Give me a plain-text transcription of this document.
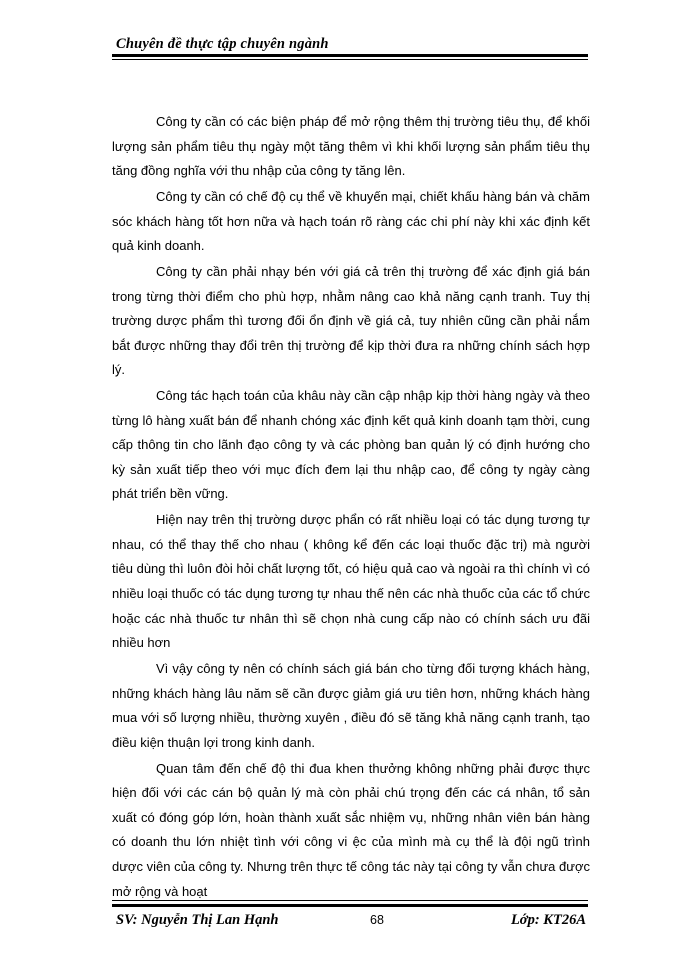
Chuyên đề thực tập chuyên ngành

Công ty cần có các biện pháp để mở rộng thêm thị trường tiêu thụ, để khối lượng sản phẩm tiêu thụ ngày một tăng thêm vì khi khối lượng sản phẩm tiêu thụ tăng đồng nghĩa với thu nhập của công ty tăng lên.

Công ty cần có chế độ cụ thể về khuyến mại, chiết khấu hàng bán và chăm sóc khách hàng tốt hơn nữa và hạch toán rõ ràng các chi phí này khi xác định kết quả kinh doanh.

Công ty cần phải nhạy bén với giá cả trên thị trường để xác định giá bán trong từng thời điểm cho phù hợp, nhằm nâng cao khả năng cạnh tranh. Tuy thị trường dược phẩm thì tương đối ổn định về giá cả, tuy nhiên cũng cần phải nắm bắt được những thay đổi trên thị trường để kịp thời đưa ra những chính sách hợp lý.

Công tác hạch toán của khâu này cần cập nhập kịp thời hàng ngày và theo từng lô hàng xuất bán để nhanh chóng xác định kết quả kinh doanh tạm thời, cung cấp thông tin cho lãnh đạo công ty và các phòng ban quản lý có định hướng cho kỳ sản xuất tiếp theo với mục đích đem lại thu nhập cao, để công ty ngày càng phát triển bền vững.

Hiện nay trên thị trường dược phẩn có rất nhiều loại có tác dụng tương tự nhau, có thể thay thế cho nhau ( không kể đến các loại thuốc đặc trị) mà người tiêu dùng thì luôn đòi hỏi chất lượng tốt, có hiệu quả cao và ngoài ra thì chính vì có nhiều loại thuốc có tác dụng tương tự nhau thế nên các nhà thuốc của các tổ chức hoặc các nhà thuốc tư nhân thì sẽ chọn nhà cung cấp nào có chính sách ưu đãi nhiều hơn

Vì vậy công ty nên có chính sách giá bán cho từng đối tượng khách hàng, những khách hàng lâu năm sẽ cần được giảm giá ưu tiên hơn, những khách hàng mua với số lượng nhiều, thường xuyên , điều đó sẽ tăng khả năng cạnh tranh, tạo điều kiện thuận lợi trong kinh danh.

Quan tâm đến chế độ thi đua khen thưởng không những phải được thực hiện đối với các cán bộ quản lý mà còn phải chú trọng đến các cá nhân, tổ sản xuất có đóng góp lớn, hoàn thành xuất sắc nhiệm vụ, những nhân viên bán hàng có doanh thu lớn nhiệt tình với công vi ệc của mình mà cụ thể là đội ngũ trình dược viên của công ty. Nhưng trên thực tế công tác này tại công ty vẫn chưa được mở rộng và hoạt

SV: Nguyễn Thị Lan Hạnh	68	Lớp: KT26A
